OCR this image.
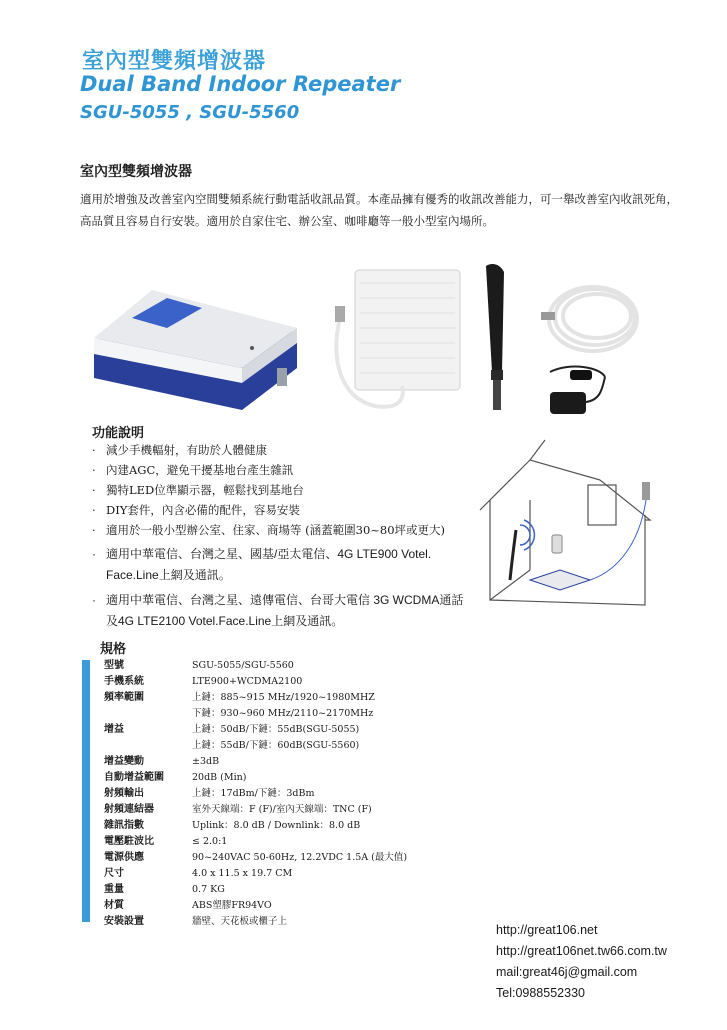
室內型雙頻增波器
Dual Band Indoor Repeater
SGU-5055 , SGU-5560
室內型雙頻增波器
適用於增強及改善室內空間雙頻系統行動電話收訊品質。本產品擁有優秀的收訊改善能力，可一舉改善室內收訊死角，高品質且容易自行安裝。適用於自家住宅、辦公室、咖啡廳等一般小型室內場所。
功能說明
· 減少手機輻射，有助於人體健康
· 內建AGC，避免干擾基地台產生雜訊
· 獨特LED位準顯示器，輕鬆找到基地台
· DIY套件，內含必備的配件，容易安裝
· 適用於一般小型辦公室、住家、商場等 (涵蓋範圍30~80坪或更大)
· 適用中華電信、台灣之星、國基/亞太電信、4G LTE900 Votel. Face.Line上網及通訊。
· 適用中華電信、台灣之星、遠傳電信、台哥大電信 3G WCDMA通話及4G LTE2100 Votel.Face.Line上網及通訊。
規格
型號	SGU-5055/SGU-5560
手機系統	LTE900+WCDMA2100
頻率範圍	上鏈：885~915 MHz/1920~1980MHZ
下鏈：930~960 MHz/2110~2170MHz
增益	上鏈：50dB/下鏈：55dB(SGU-5055)
上鏈：55dB/下鏈：60dB(SGU-5560)
增益變動	±3dB
自動增益範圍	20dB (Min)
射頻輸出	上鏈：17dBm/下鏈：3dBm
射頻連結器	室外天線端：F (F)/室內天線端：TNC (F)
雜訊指數	Uplink：8.0 dB / Downlink：8.0 dB
電壓駐波比	≤ 2.0:1
電源供應	90~240VAC 50-60Hz, 12.2VDC 1.5A (最大值)
尺寸	4.0 x 11.5 x 19.7 CM
重量	0.7 KG
材質	ABS塑膠FR94VO
安裝設置	牆壁、天花板或櫃子上
http://great106.net
http://great106net.tw66.com.tw
mail:great46j@gmail.com
Tel:0988552330
